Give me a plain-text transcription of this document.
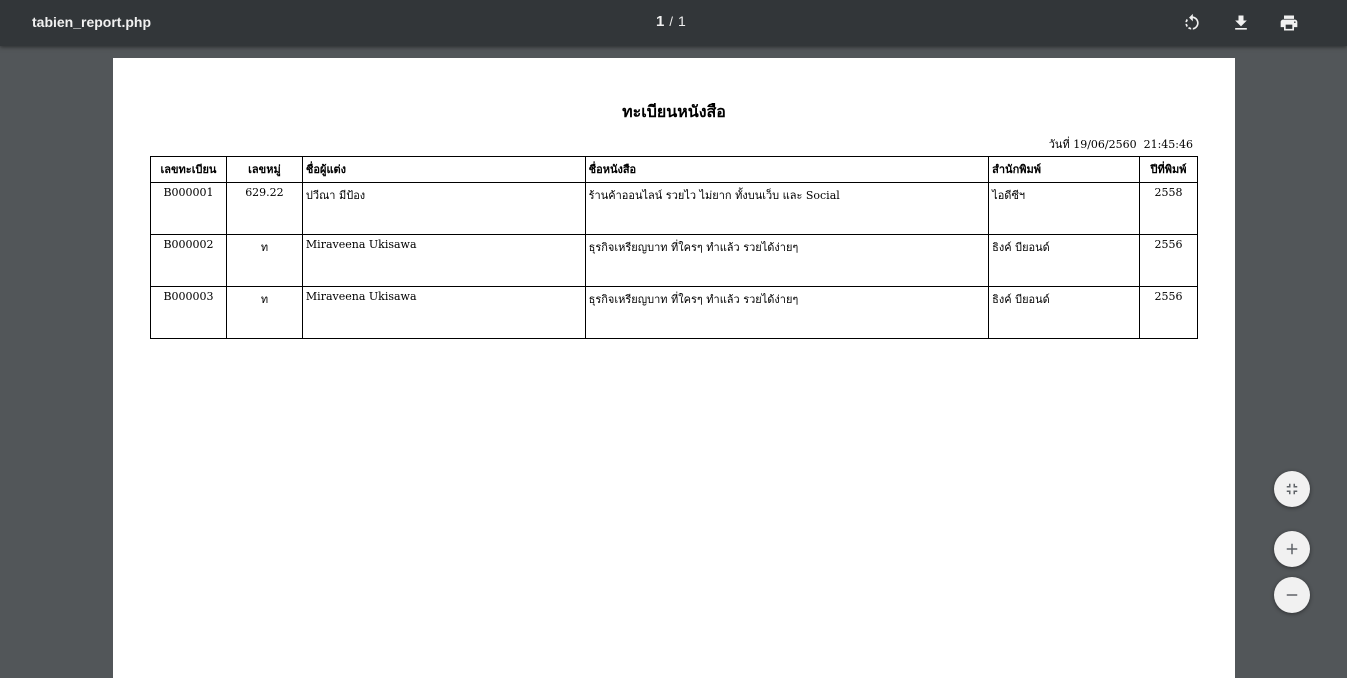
tabien_report.php	1 / 1
ทะเบียนหนังสือ
วันที่ 19/06/2560  21:45:46
เลขทะเบียน	เลขหมู่	ชื่อผู้แต่ง	ชื่อหนังสือ	สำนักพิมพ์	ปีที่พิมพ์
B000001	629.22	ปวีณา มีป้อง	ร้านค้าออนไลน์ รวยไว ไม่ยาก ทั้งบนเว็บ และ Social	ไอดีซีฯ	2558
B000002	ท	Miraveena Ukisawa	ธุรกิจเหรียญบาท ที่ใครๆ ทำแล้ว รวยได้ง่ายๆ	ธิงค์ บียอนด์	2556
B000003	ท	Miraveena Ukisawa	ธุรกิจเหรียญบาท ที่ใครๆ ทำแล้ว รวยได้ง่ายๆ	ธิงค์ บียอนด์	2556
